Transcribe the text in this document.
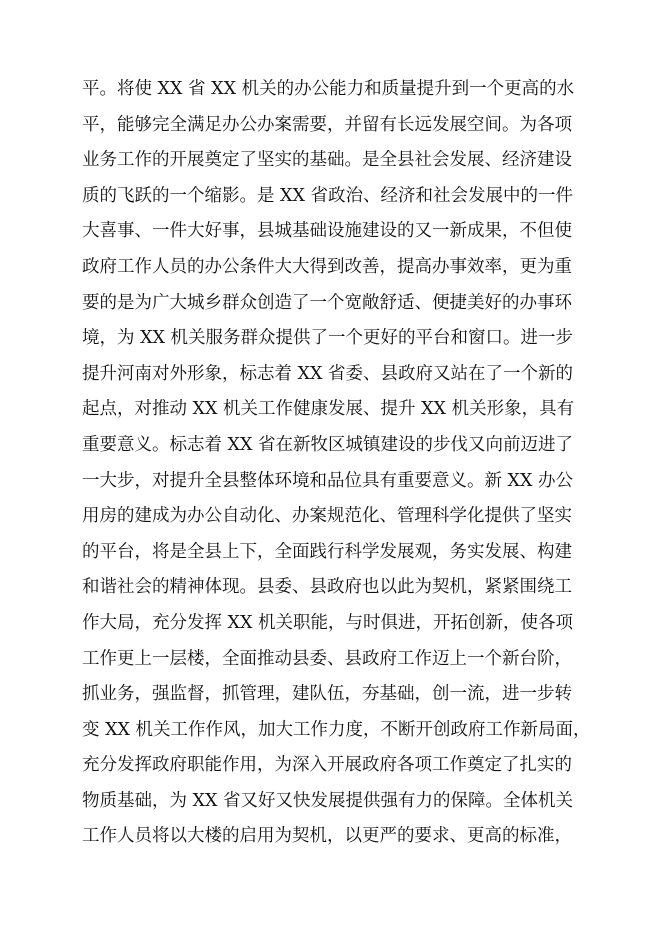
平。将使 XX 省 XX 机关的办公能力和质量提升到一个更高的水
平，能够完全满足办公办案需要，并留有长远发展空间。为各项
业务工作的开展奠定了坚实的基础。是全县社会发展、经济建设
质的飞跃的一个缩影。是 XX 省政治、经济和社会发展中的一件
大喜事、一件大好事，县城基础设施建设的又一新成果，不但使
政府工作人员的办公条件大大得到改善，提高办事效率，更为重
要的是为广大城乡群众创造了一个宽敞舒适、便捷美好的办事环
境，为 XX 机关服务群众提供了一个更好的平台和窗口。进一步
提升河南对外形象，标志着 XX 省委、县政府又站在了一个新的
起点，对推动 XX 机关工作健康发展、提升 XX 机关形象，具有
重要意义。标志着 XX 省在新牧区城镇建设的步伐又向前迈进了
一大步，对提升全县整体环境和品位具有重要意义。新 XX 办公
用房的建成为办公自动化、办案规范化、管理科学化提供了坚实
的平台，将是全县上下，全面践行科学发展观，务实发展、构建
和谐社会的精神体现。县委、县政府也以此为契机，紧紧围绕工
作大局，充分发挥 XX 机关职能，与时俱进，开拓创新，使各项
工作更上一层楼，全面推动县委、县政府工作迈上一个新台阶，
抓业务，强监督，抓管理，建队伍，夯基础，创一流，进一步转
变 XX 机关工作作风，加大工作力度，不断开创政府工作新局面，
充分发挥政府职能作用，为深入开展政府各项工作奠定了扎实的
物质基础，为 XX 省又好又快发展提供强有力的保障。全体机关
工作人员将以大楼的启用为契机，以更严的要求、更高的标准，
